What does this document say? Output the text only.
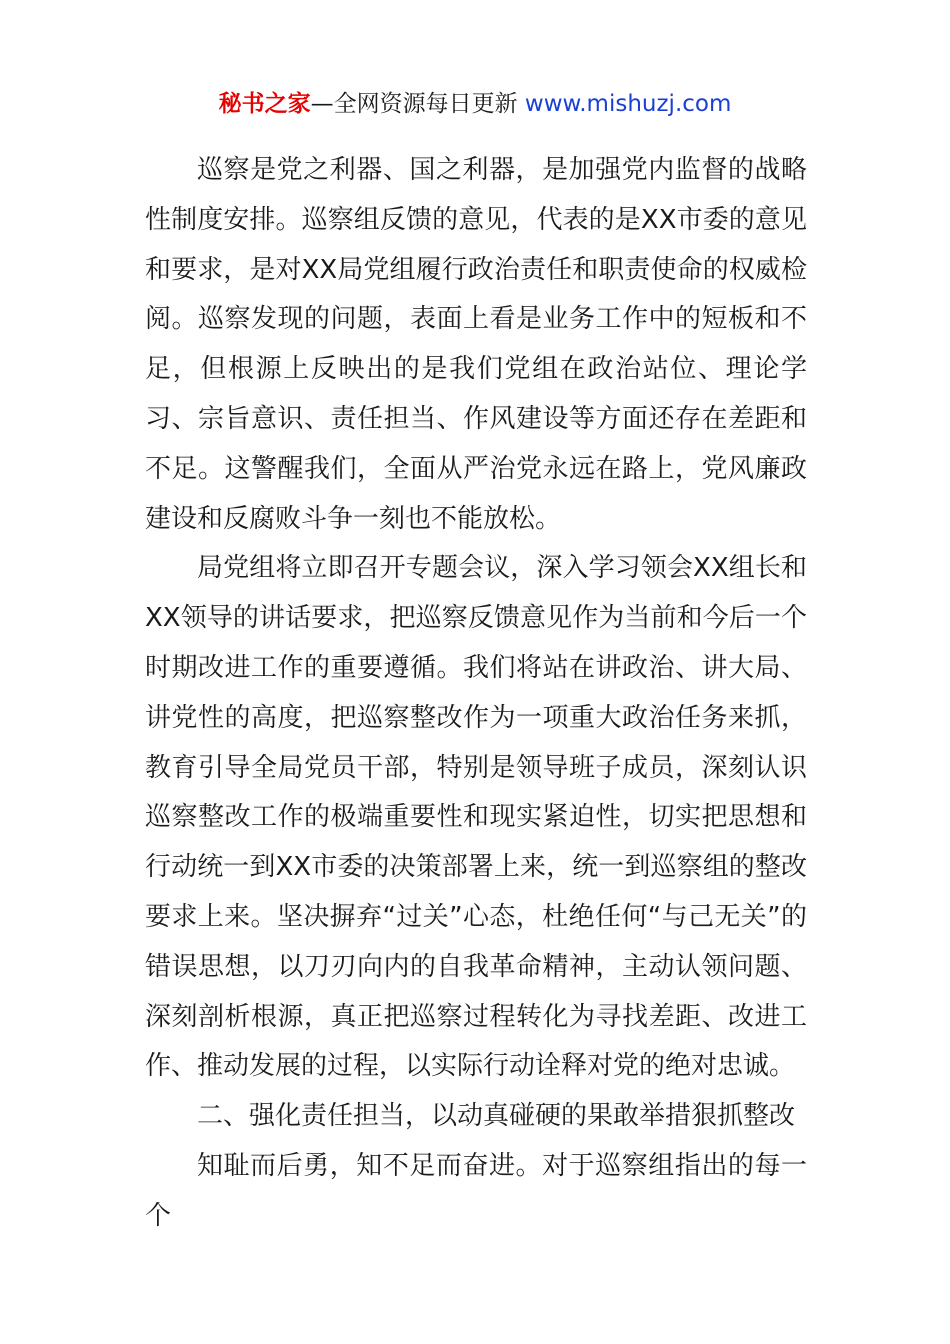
秘书之家—全网资源每日更新 www.mishuzj.com

巡察是党之利器、国之利器，是加强党内监督的战略性制度安排。巡察组反馈的意见，代表的是XX市委的意见和要求，是对XX局党组履行政治责任和职责使命的权威检阅。巡察发现的问题，表面上看是业务工作中的短板和不足，但根源上反映出的是我们党组在政治站位、理论学习、宗旨意识、责任担当、作风建设等方面还存在差距和不足。这警醒我们，全面从严治党永远在路上，党风廉政建设和反腐败斗争一刻也不能放松。

局党组将立即召开专题会议，深入学习领会XX组长和XX领导的讲话要求，把巡察反馈意见作为当前和今后一个时期改进工作的重要遵循。我们将站在讲政治、讲大局、讲党性的高度，把巡察整改作为一项重大政治任务来抓，教育引导全局党员干部，特别是领导班子成员，深刻认识巡察整改工作的极端重要性和现实紧迫性，切实把思想和行动统一到XX市委的决策部署上来，统一到巡察组的整改要求上来。坚决摒弃“过关”心态，杜绝任何“与己无关”的错误思想，以刀刃向内的自我革命精神，主动认领问题、深刻剖析根源，真正把巡察过程转化为寻找差距、改进工作、推动发展的过程，以实际行动诠释对党的绝对忠诚。

二、强化责任担当，以动真碰硬的果敢举措狠抓整改

知耻而后勇，知不足而奋进。对于巡察组指出的每一个
